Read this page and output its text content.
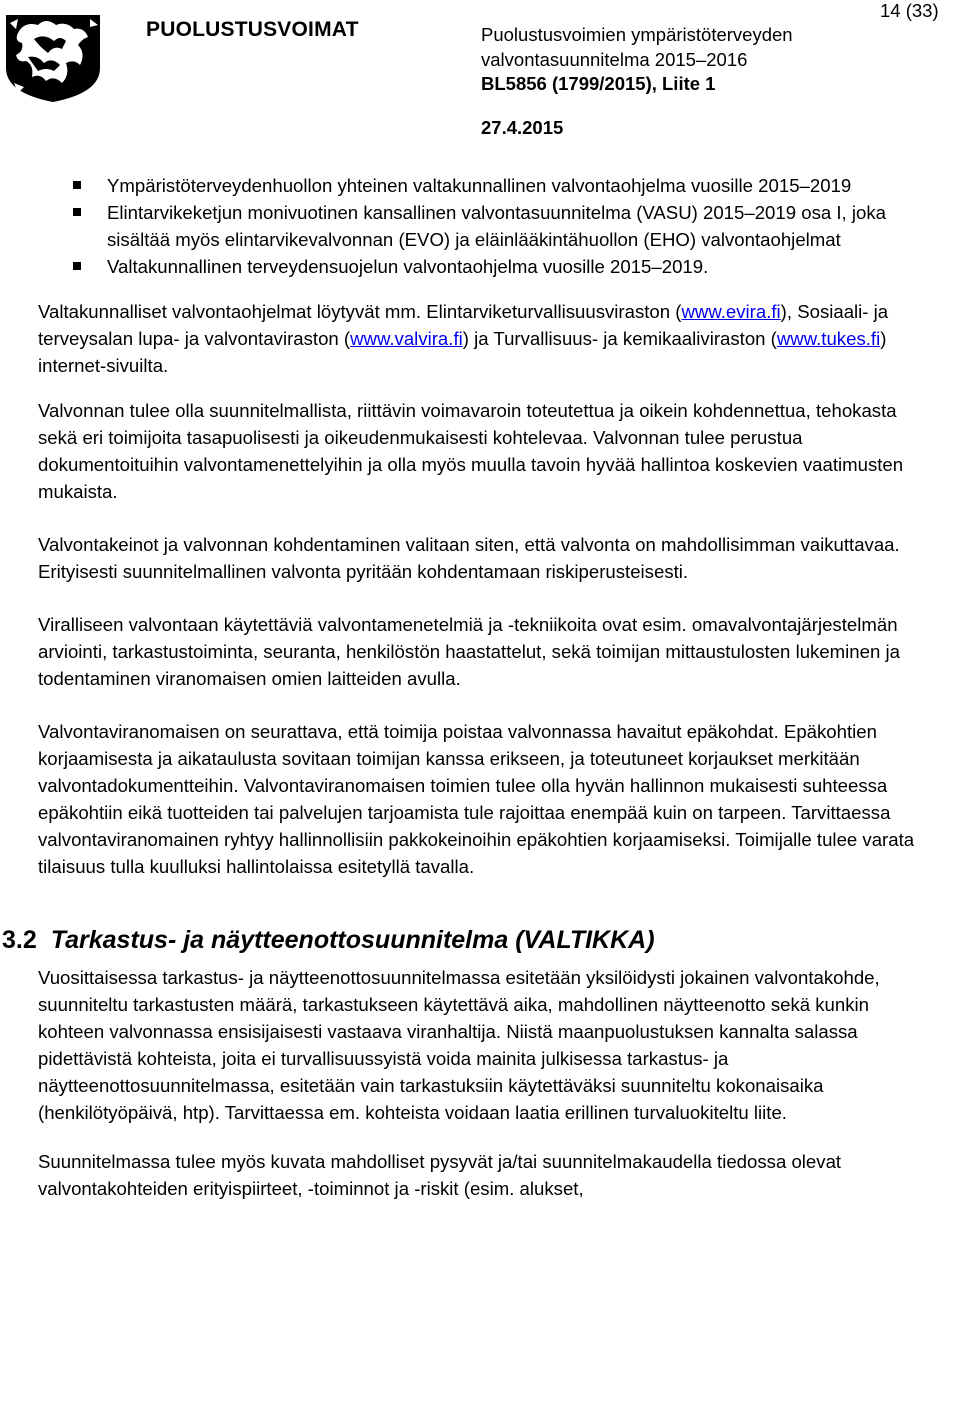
PUOLUSTUSVOIMAT	Puolustusvoimien ympäristöterveyden
valvontasuunnitelma 2015–2016
BL5856 (1799/2015), Liite 1
14 (33)
27.4.2015
Ympäristöterveydenhuollon yhteinen valtakunnallinen valvontaohjelma vuosille 2015–2019
Elintarvikeketjun monivuotinen kansallinen valvontasuunnitelma (VASU) 2015–2019 osa I, joka sisältää myös elintarvikevalvonnan (EVO) ja eläinlääkintähuollon (EHO) valvontaohjelmat
Valtakunnallinen terveydensuojelun valvontaohjelma vuosille 2015–2019.

Valtakunnalliset valvontaohjelmat löytyvät mm. Elintarviketurvallisuusviraston (www.evira.fi), Sosiaali- ja terveysalan lupa- ja valvontaviraston (www.valvira.fi) ja Turvallisuus- ja kemikaaliviraston (www.tukes.fi) internet-sivuilta.

Valvonnan tulee olla suunnitelmallista, riittävin voimavaroin toteutettua ja oikein kohdennettua, tehokasta sekä eri toimijoita tasapuolisesti ja oikeudenmukaisesti kohtelevaa. Valvonnan tulee perustua dokumentoituihin valvontamenettelyihin ja olla myös muulla tavoin hyvää hallintoa koskevien vaatimusten mukaista.

Valvontakeinot ja valvonnan kohdentaminen valitaan siten, että valvonta on mahdollisimman vaikuttavaa. Erityisesti suunnitelmallinen valvonta pyritään kohdentamaan riskiperusteisesti.

Viralliseen valvontaan käytettäviä valvontamenetelmiä ja -tekniikoita ovat esim. omavalvontajärjestelmän arviointi, tarkastustoiminta, seuranta, henkilöstön haastattelut, sekä toimijan mittaustulosten lukeminen ja todentaminen viranomaisen omien laitteiden avulla.

Valvontaviranomaisen on seurattava, että toimija poistaa valvonnassa havaitut epäkohdat. Epäkohtien korjaamisesta ja aikataulusta sovitaan toimijan kanssa erikseen, ja toteutuneet korjaukset merkitään valvontadokumentteihin. Valvontaviranomaisen toimien tulee olla hyvän hallinnon mukaisesti suhteessa epäkohtiin eikä tuotteiden tai palvelujen tarjoamista tule rajoittaa enempää kuin on tarpeen. Tarvittaessa valvontaviranomainen ryhtyy hallinnollisiin pakkokeinoihin epäkohtien korjaamiseksi. Toimijalle tulee varata tilaisuus tulla kuulluksi hallintolaissa esitetyllä tavalla.

3.2 Tarkastus- ja näytteenottosuunnitelma (VALTIKKA)

Vuosittaisessa tarkastus- ja näytteenottosuunnitelmassa esitetään yksilöidysti jokainen valvontakohde, suunniteltu tarkastusten määrä, tarkastukseen käytettävä aika, mahdollinen näytteenotto sekä kunkin kohteen valvonnassa ensisijaisesti vastaava viranhaltija. Niistä maanpuolustuksen kannalta salassa pidettävistä kohteista, joita ei turvallisuussyistä voida mainita julkisessa tarkastus- ja näytteenottosuunnitelmassa, esitetään vain tarkastuksiin käytettäväksi suunniteltu kokonaisaika (henkilötyöpäivä, htp). Tarvittaessa em. kohteista voidaan laatia erillinen turvaluokiteltu liite.

Suunnitelmassa tulee myös kuvata mahdolliset pysyvät ja/tai suunnitelmakaudella tiedossa olevat valvontakohteiden erityispiirteet, -toiminnot ja -riskit (esim. alukset,
